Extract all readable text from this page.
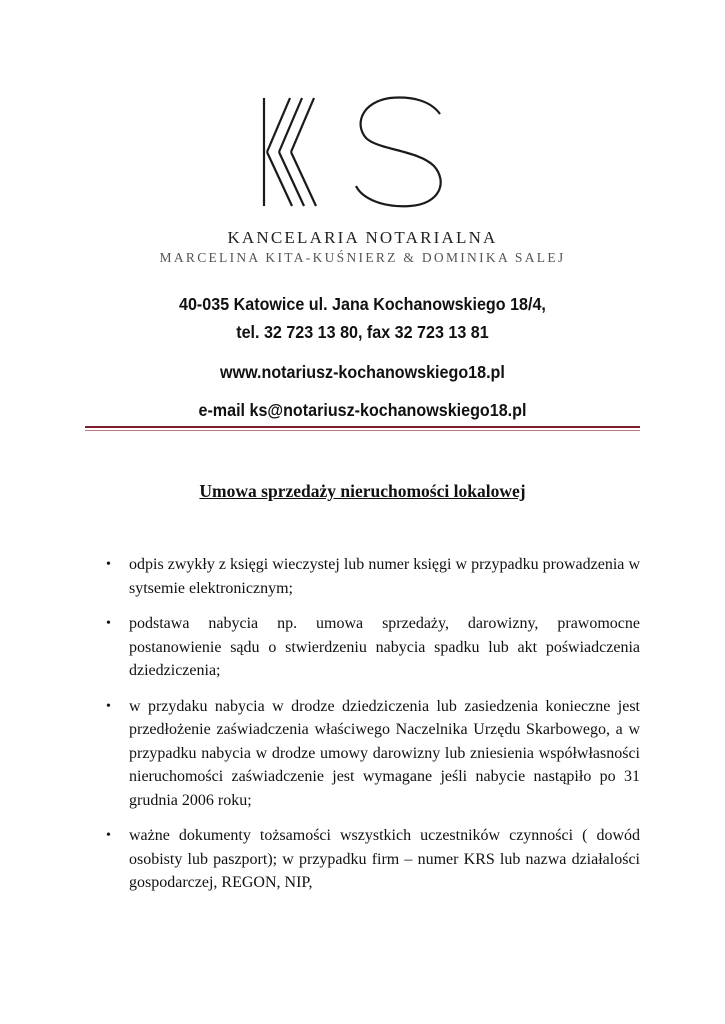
KANCELARIA NOTARIALNA
MARCELINA KITA-KUŚNIERZ & DOMINIKA SALEJ
40-035 Katowice ul. Jana Kochanowskiego 18/4,
tel. 32 723 13 80, fax 32 723 13 81
www.notariusz-kochanowskiego18.pl
e-mail ks@notariusz-kochanowskiego18.pl
Umowa sprzedaży nieruchomości lokalowej
• odpis zwykły z księgi wieczystej lub numer księgi w przypadku prowadzenia w sytsemie elektronicznym;
• podstawa nabycia np. umowa sprzedaży, darowizny, prawomocne postanowienie sądu o stwierdzeniu nabycia spadku lub akt poświadczenia dziedziczenia;
• w przydaku nabycia w drodze dziedziczenia lub zasiedzenia konieczne jest przedłożenie zaświadczenia właściwego Naczelnika Urzędu Skarbowego, a w przypadku nabycia w drodze umowy darowizny lub zniesienia współwłasności nieruchomości zaświadczenie jest wymagane jeśli nabycie nastąpiło po 31 grudnia 2006 roku;
• ważne dokumenty tożsamości wszystkich uczestników czynności ( dowód osobisty lub paszport); w przypadku firm – numer KRS lub nazwa działalości gospodarczej, REGON, NIP,
